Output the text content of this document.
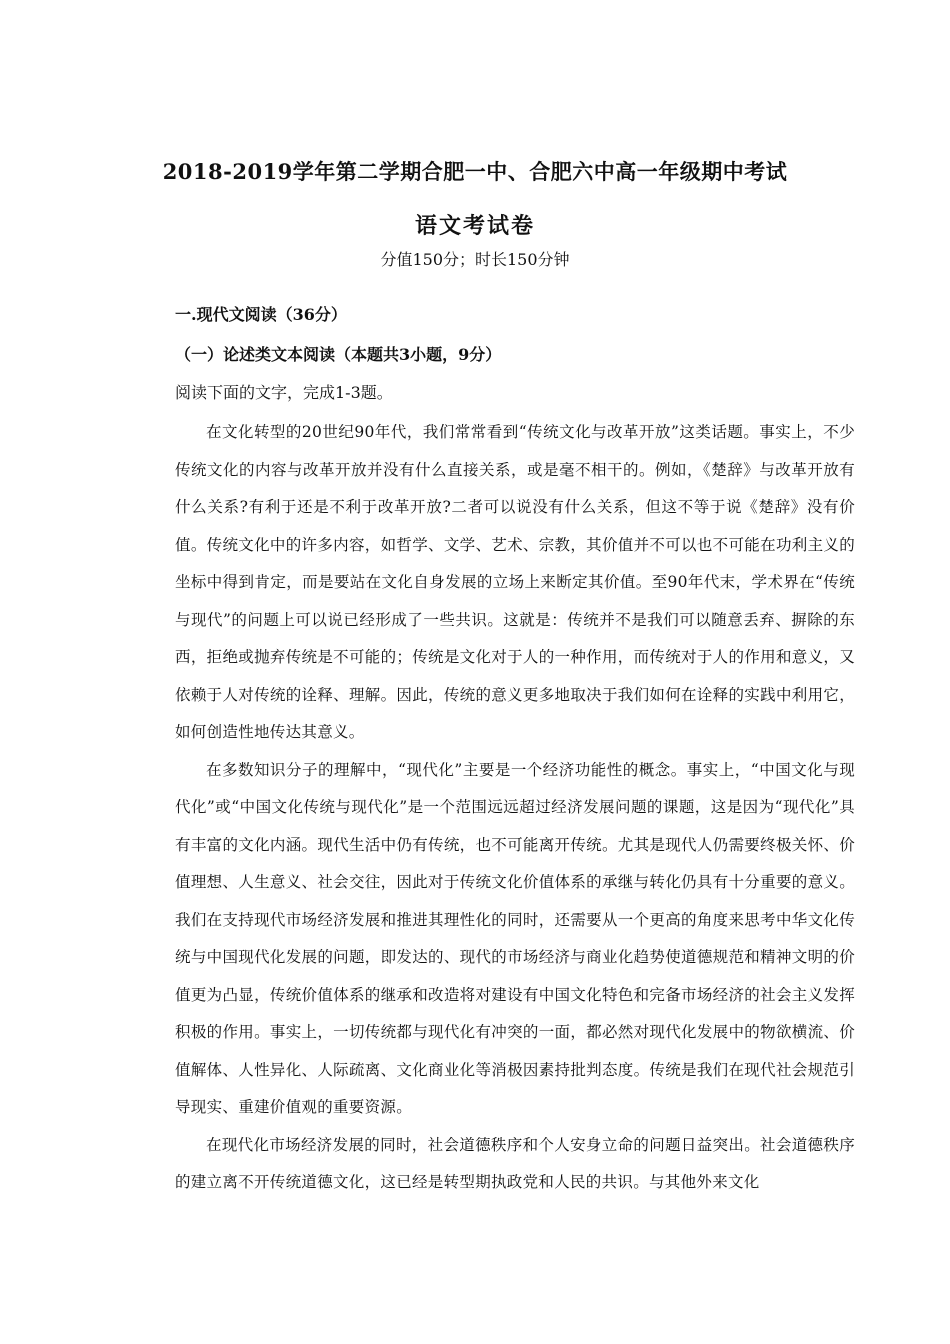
2018-2019学年第二学期合肥一中、合肥六中高一年级期中考试
语文考试卷
分值150分；时长150分钟
一.现代文阅读（36分）
（一）论述类文本阅读（本题共3小题，9分）
阅读下面的文字，完成1-3题。

在文化转型的20世纪90年代，我们常常看到“传统文化与改革开放”这类话题。事实上，不少传统文化的内容与改革开放并没有什么直接关系，或是毫不相干的。例如，《楚辞》与改革开放有什么关系?有利于还是不利于改革开放?二者可以说没有什么关系，但这不等于说《楚辞》没有价值。传统文化中的许多内容，如哲学、文学、艺术、宗教，其价值并不可以也不可能在功利主义的坐标中得到肯定，而是要站在文化自身发展的立场上来断定其价值。至90年代末，学术界在“传统与现代”的问题上可以说已经形成了一些共识。这就是：传统并不是我们可以随意丢弃、摒除的东西，拒绝或抛弃传统是不可能的；传统是文化对于人的一种作用，而传统对于人的作用和意义，又依赖于人对传统的诠释、理解。因此，传统的意义更多地取决于我们如何在诠释的实践中利用它，如何创造性地传达其意义。

在多数知识分子的理解中，“现代化”主要是一个经济功能性的概念。事实上，“中国文化与现代化”或“中国文化传统与现代化”是一个范围远远超过经济发展问题的课题，这是因为“现代化”具有丰富的文化内涵。现代生活中仍有传统，也不可能离开传统。尤其是现代人仍需要终极关怀、价值理想、人生意义、社会交往，因此对于传统文化价值体系的承继与转化仍具有十分重要的意义。我们在支持现代市场经济发展和推进其理性化的同时，还需要从一个更高的角度来思考中华文化传统与中国现代化发展的问题，即发达的、现代的市场经济与商业化趋势使道德规范和精神文明的价值更为凸显，传统价值体系的继承和改造将对建设有中国文化特色和完备市场经济的社会主义发挥积极的作用。事实上，一切传统都与现代化有冲突的一面，都必然对现代化发展中的物欲横流、价值解体、人性异化、人际疏离、文化商业化等消极因素持批判态度。传统是我们在现代社会规范引导现实、重建价值观的重要资源。

在现代化市场经济发展的同时，社会道德秩序和个人安身立命的问题日益突出。社会道德秩序的建立离不开传统道德文化，这已经是转型期执政党和人民的共识。与其他外来文化
